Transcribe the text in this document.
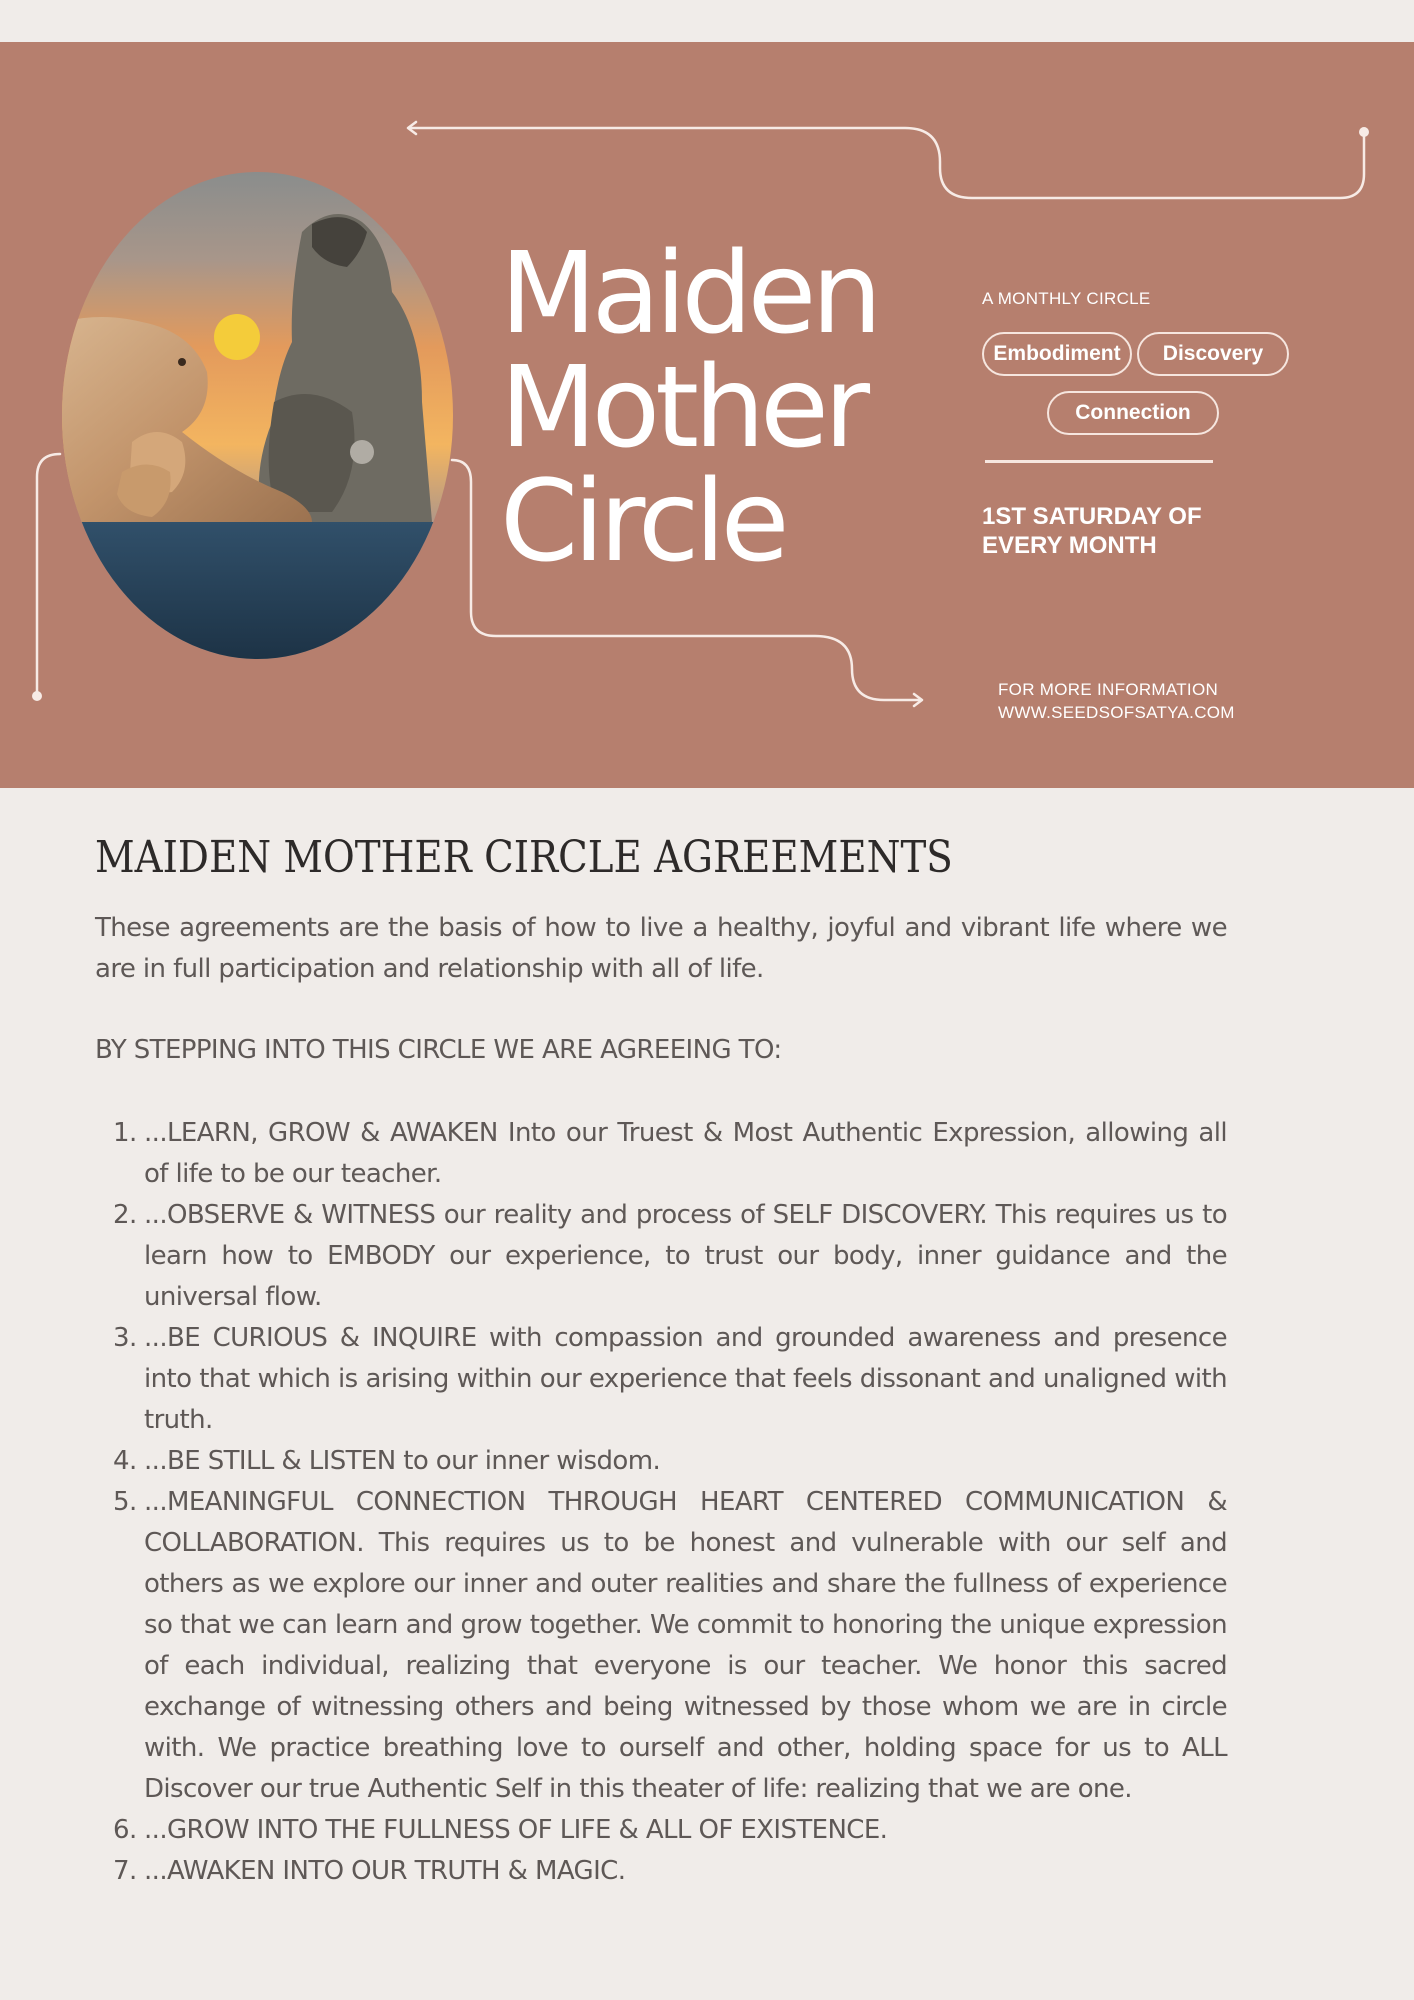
Maiden
Mother
Circle
A MONTHLY CIRCLE
Embodiment	Discovery
Connection
1ST SATURDAY OF
EVERY MONTH
FOR MORE INFORMATION
WWW.SEEDSOFSATYA.COM
MAIDEN MOTHER CIRCLE AGREEMENTS

These agreements are the basis of how to live a healthy, joyful and vibrant life where we are in full participation and relationship with all of life.

BY STEPPING INTO THIS CIRCLE WE ARE AGREEING TO:

1. ...LEARN, GROW & AWAKEN Into our Truest & Most Authentic Expression, allowing all of life to be our teacher.
2. ...OBSERVE & WITNESS our reality and process of SELF DISCOVERY. This requires us to learn how to EMBODY our experience, to trust our body, inner guidance and the universal flow.
3. ...BE CURIOUS & INQUIRE with compassion and grounded awareness and presence into that which is arising within our experience that feels dissonant and unaligned with truth.
4. ...BE STILL & LISTEN to our inner wisdom.
5. ...MEANINGFUL CONNECTION THROUGH HEART CENTERED COMMUNICATION & COLLABORATION. This requires us to be honest and vulnerable with our self and others as we explore our inner and outer realities and share the fullness of experience so that we can learn and grow together. We commit to honoring the unique expression of each individual, realizing that everyone is our teacher. We honor this sacred exchange of witnessing others and being witnessed by those whom we are in circle with. We practice breathing love to ourself and other, holding space for us to ALL Discover our true Authentic Self in this theater of life: realizing that we are one.
6. ...GROW INTO THE FULLNESS OF LIFE & ALL OF EXISTENCE.
7. ...AWAKEN INTO OUR TRUTH & MAGIC.
